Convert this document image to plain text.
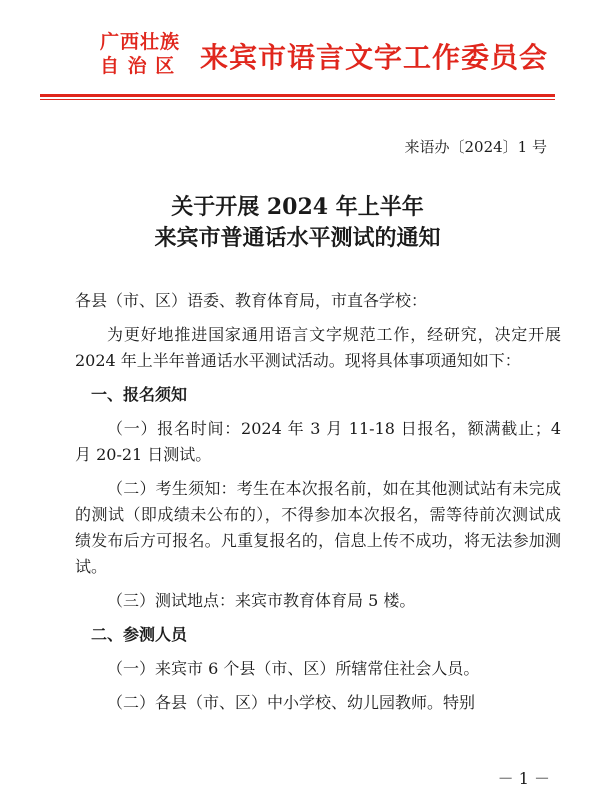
广西壮族
自 治 区 来宾市语言文字工作委员会
来语办〔2024〕1 号
关于开展 2024 年上半年
来宾市普通话水平测试的通知

各县（市、区）语委、教育体育局，市直各学校：

为更好地推进国家通用语言文字规范工作，经研究，决定开展 2024 年上半年普通话水平测试活动。现将具体事项通知如下：

一、报名须知

（一）报名时间：2024 年 3 月 11-18 日报名，额满截止；4 月 20-21 日测试。

（二）考生须知：考生在本次报名前，如在其他测试站有未完成的测试（即成绩未公布的），不得参加本次报名，需等待前次测试成绩发布后方可报名。凡重复报名的，信息上传不成功，将无法参加测试。

（三）测试地点：来宾市教育体育局 5 楼。

二、参测人员

（一）来宾市 6 个县（市、区）所辖常住社会人员。

（二）各县（市、区）中小学校、幼儿园教师。特别

－ 1 －
